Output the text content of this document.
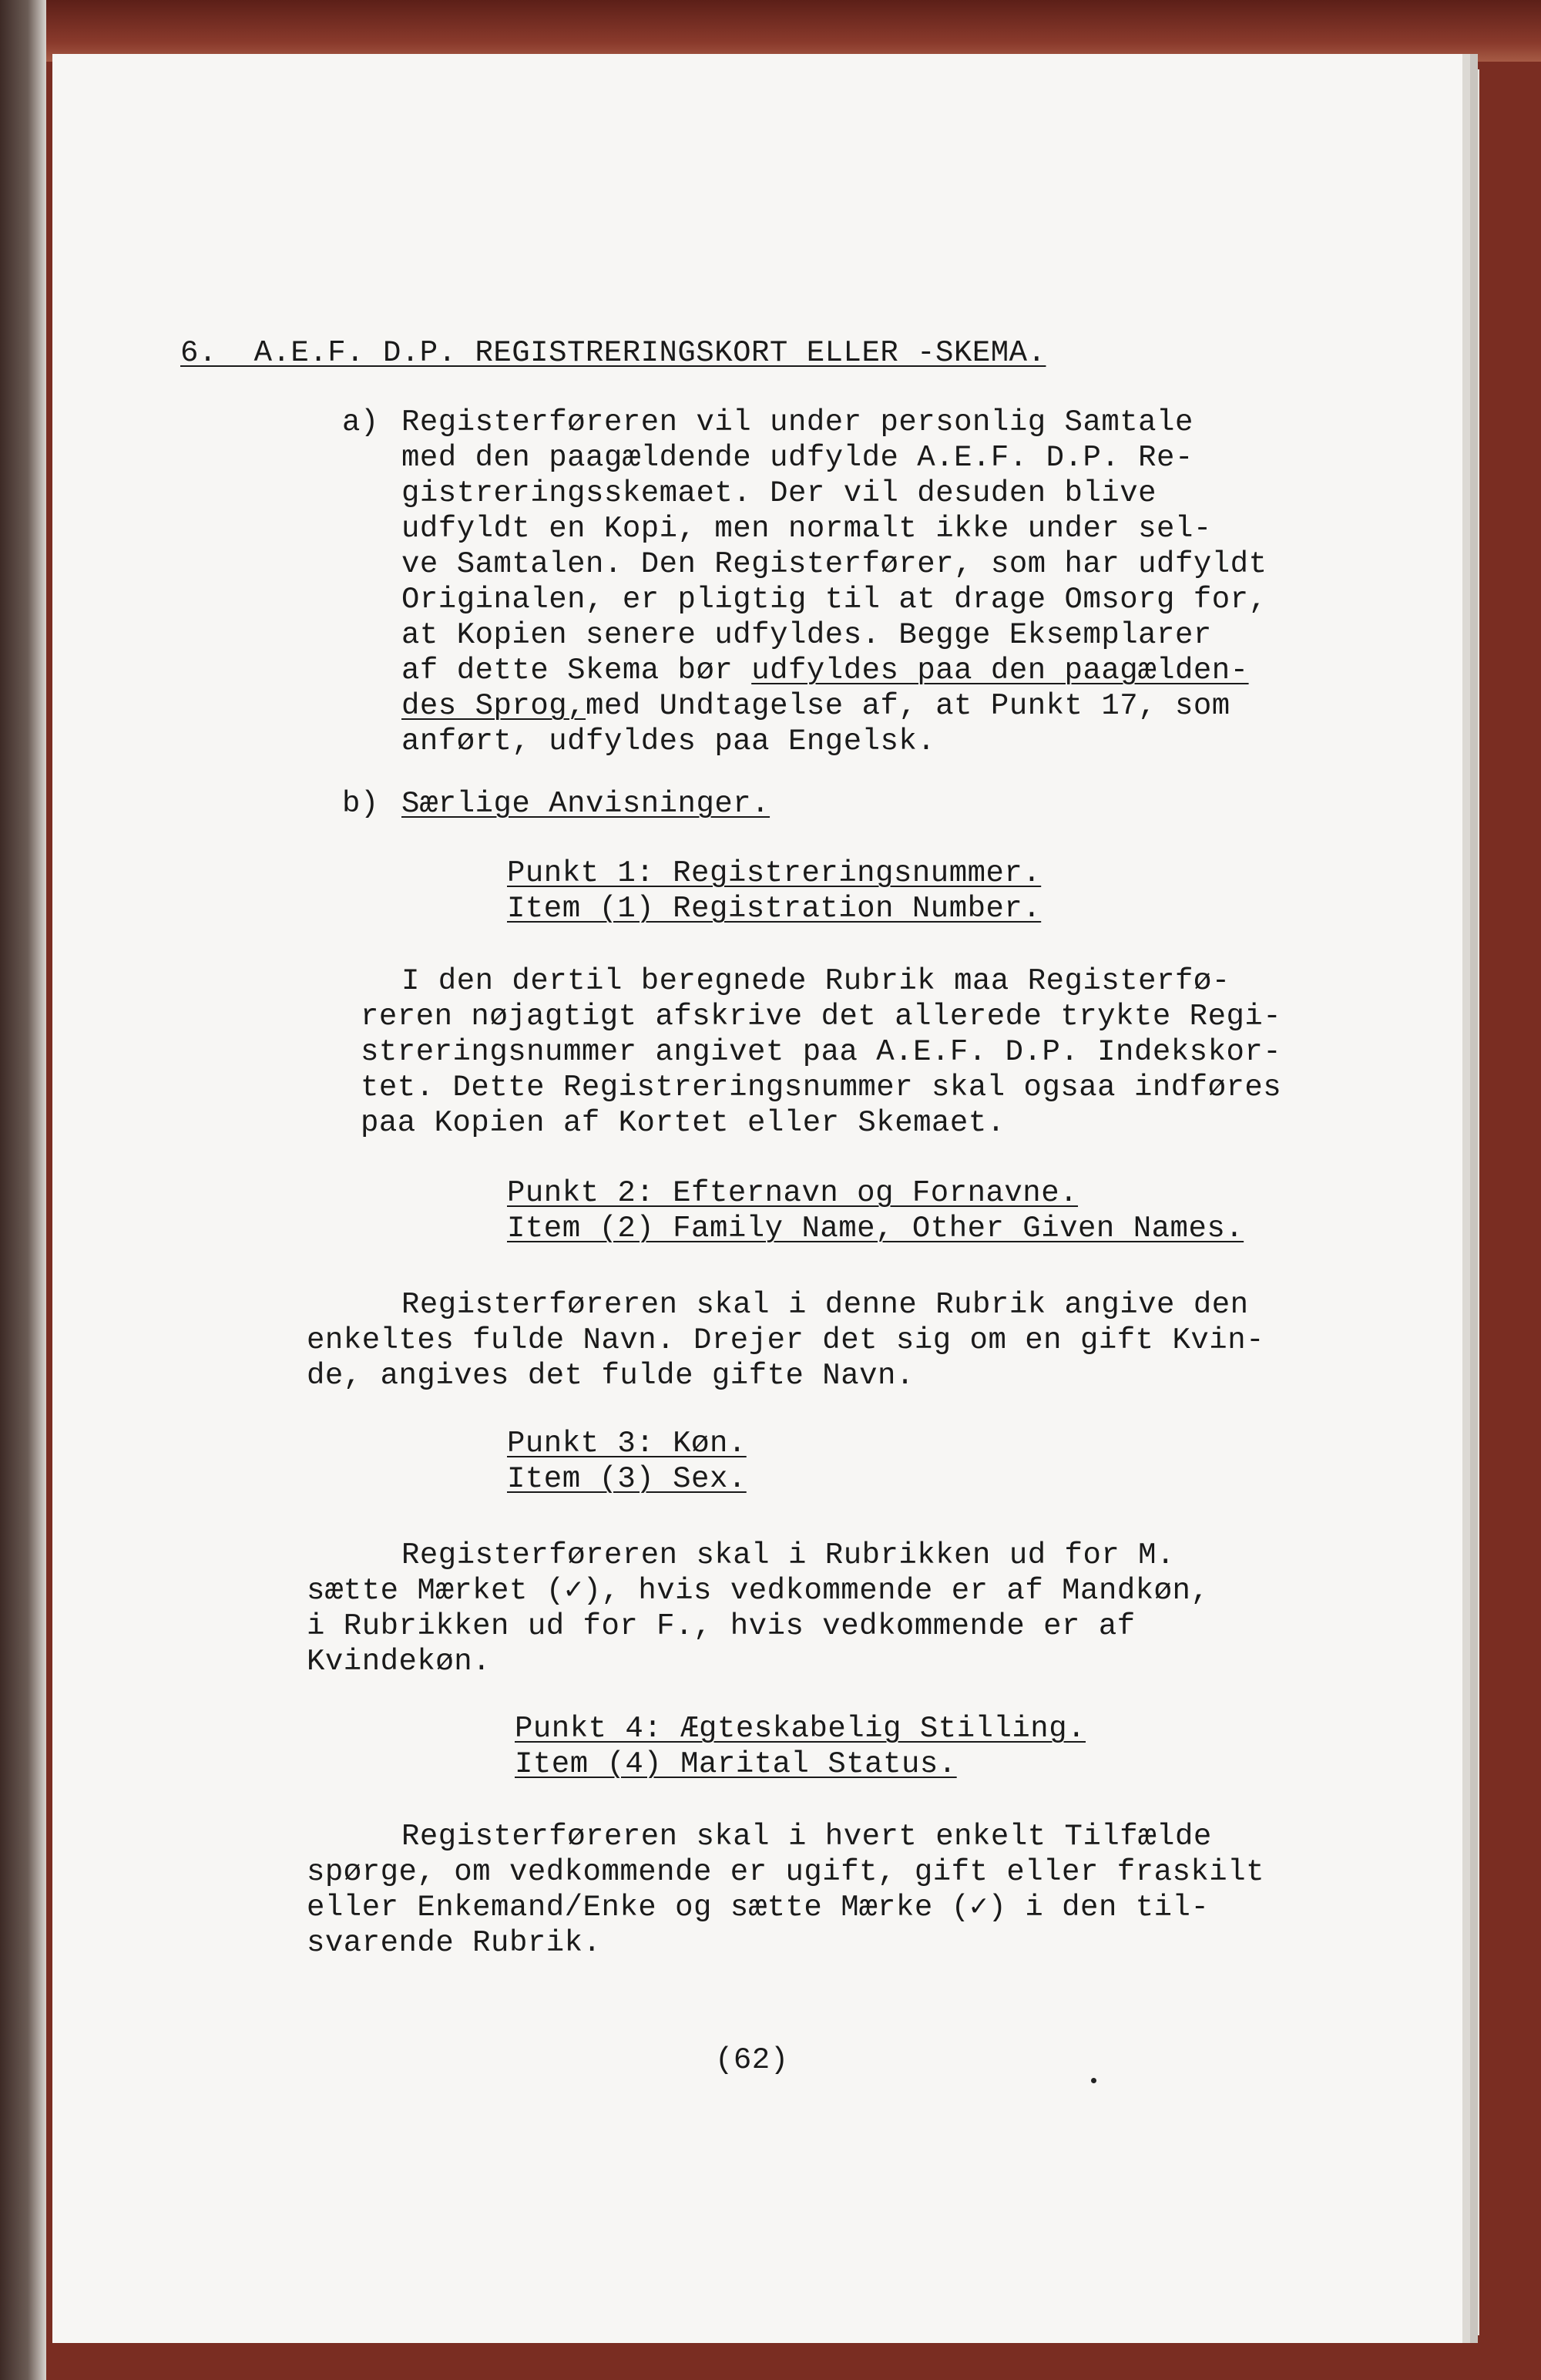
6.  A.E.F. D.P. REGISTRERINGSKORT ELLER -SKEMA.
a) Registerføreren vil under personlig Samtale
med den paagældende udfylde A.E.F. D.P. Re-
gistreringsskemaet. Der vil desuden blive
udfyldt en Kopi, men normalt ikke under sel-
ve Samtalen. Den Registerfører, som har udfyldt
Originalen, er pligtig til at drage Omsorg for,
at Kopien senere udfyldes. Begge Eksemplarer
af dette Skema bør udfyldes paa den paagælden-
des Sprog,med Undtagelse af, at Punkt 17, som
anført, udfyldes paa Engelsk.
b) Særlige Anvisninger.
Punkt 1: Registreringsnummer.
Item (1) Registration Number.
I den dertil beregnede Rubrik maa Registerfø-
reren nøjagtigt afskrive det allerede trykte Regi-
streringsnummer angivet paa A.E.F. D.P. Indekskor-
tet. Dette Registreringsnummer skal ogsaa indføres
paa Kopien af Kortet eller Skemaet.
Punkt 2: Efternavn og Fornavne.
Item (2) Family Name, Other Given Names.
Registerføreren skal i denne Rubrik angive den
enkeltes fulde Navn. Drejer det sig om en gift Kvin-
de, angives det fulde gifte Navn.
Punkt 3: Køn.
Item (3) Sex.
Registerføreren skal i Rubrikken ud for M.
sætte Mærket (✓), hvis vedkommende er af Mandkøn,
i Rubrikken ud for F., hvis vedkommende er af
Kvindekøn.
Punkt 4: Ægteskabelig Stilling.
Item (4) Marital Status.
Registerføreren skal i hvert enkelt Tilfælde
spørge, om vedkommende er ugift, gift eller fraskilt
eller Enkemand/Enke og sætte Mærke (✓) i den til-
svarende Rubrik.
(62)
